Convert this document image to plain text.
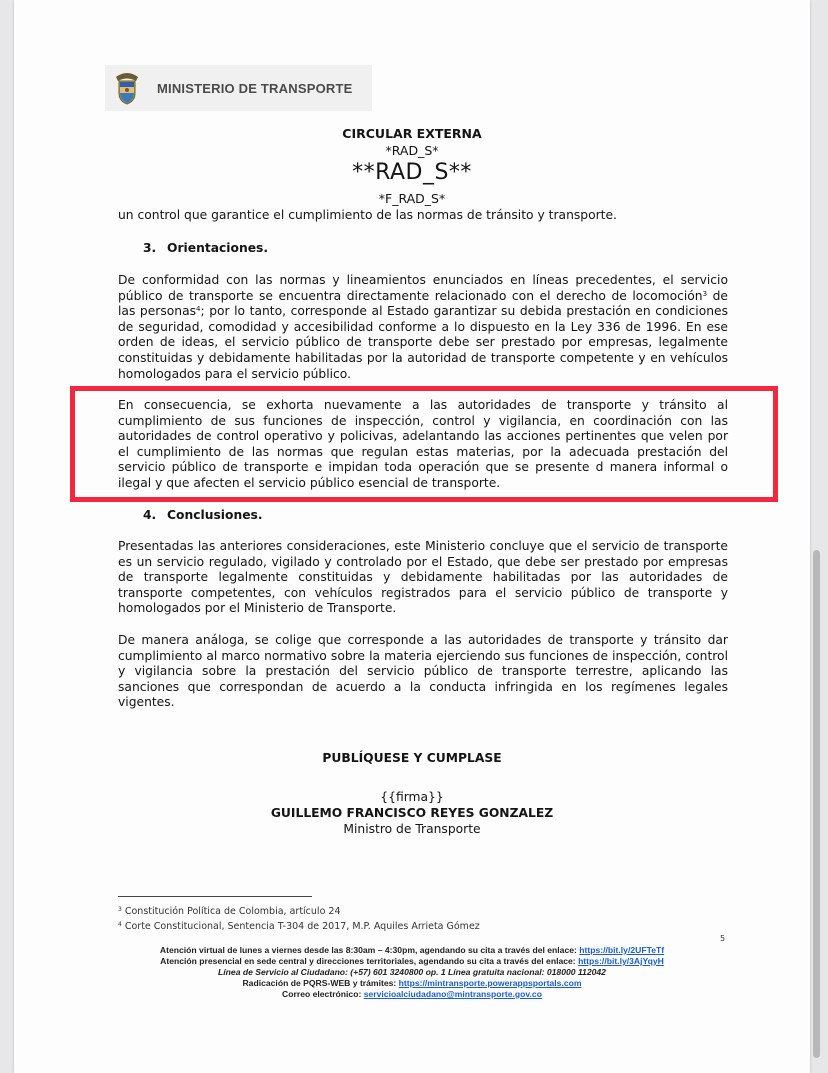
MINISTERIO DE TRANSPORTE
CIRCULAR EXTERNA
*RAD_S*
**RAD_S**
*F_RAD_S*
un control que garantice el cumplimiento de las normas de tránsito y transporte.
3. Orientaciones.
De conformidad con las normas y lineamientos enunciados en líneas precedentes, el servicio público de transporte se encuentra directamente relacionado con el derecho de locomoción$^3$ de las personas$^4$; por lo tanto, corresponde al Estado garantizar su debida prestación en condiciones de seguridad, comodidad y accesibilidad conforme a lo dispuesto en la Ley 336 de 1996. En ese orden de ideas, el servicio público de transporte debe ser prestado por empresas, legalmente constituidas y debidamente habilitadas por la autoridad de transporte competente y en vehículos homologados para el servicio público.
En consecuencia, se exhorta nuevamente a las autoridades de transporte y tránsito al cumplimiento de sus funciones de inspección, control y vigilancia, en coordinación con las autoridades de control operativo y policivas, adelantando las acciones pertinentes que velen por el cumplimiento de las normas que regulan estas materias, por la adecuada prestación del servicio público de transporte e impidan toda operación que se presente d manera informal o ilegal y que afecten el servicio público esencial de transporte.
4. Conclusiones.
Presentadas las anteriores consideraciones, este Ministerio concluye que el servicio de transporte es un servicio regulado, vigilado y controlado por el Estado, que debe ser prestado por empresas de transporte legalmente constituidas y debidamente habilitadas por las autoridades de transporte competentes, con vehículos registrados para el servicio público de transporte y homologados por el Ministerio de Transporte.
De manera análoga, se colige que corresponde a las autoridades de transporte y tránsito dar cumplimiento al marco normativo sobre la materia ejerciendo sus funciones de inspección, control y vigilancia sobre la prestación del servicio público de transporte terrestre, aplicando las sanciones que correspondan de acuerdo a la conducta infringida en los regímenes legales vigentes.
PUBLÍQUESE Y CUMPLASE
{{firma}}
GUILLEMO FRANCISCO REYES GONZALEZ
Ministro de Transporte
$^3$ Constitución Política de Colombia, artículo 24
$^4$ Corte Constitucional, Sentencia T-304 de 2017, M.P. Aquiles Arrieta Gómez
5
Atención virtual de lunes a viernes desde las 8:30am – 4:30pm, agendando su cita a través del enlace: https://bit.ly/2UFTeTf
Atención presencial en sede central y direcciones territoriales, agendando su cita a través del enlace: https://bit.ly/3AjYqyH
Línea de Servicio al Ciudadano: (+57) 601 3240800 op. 1 Línea gratuita nacional: 018000 112042
Radicación de PQRS-WEB y trámites: https://mintransporte.powerappsportals.com
Correo electrónico: servicioalciudadano@mintransporte.gov.co
